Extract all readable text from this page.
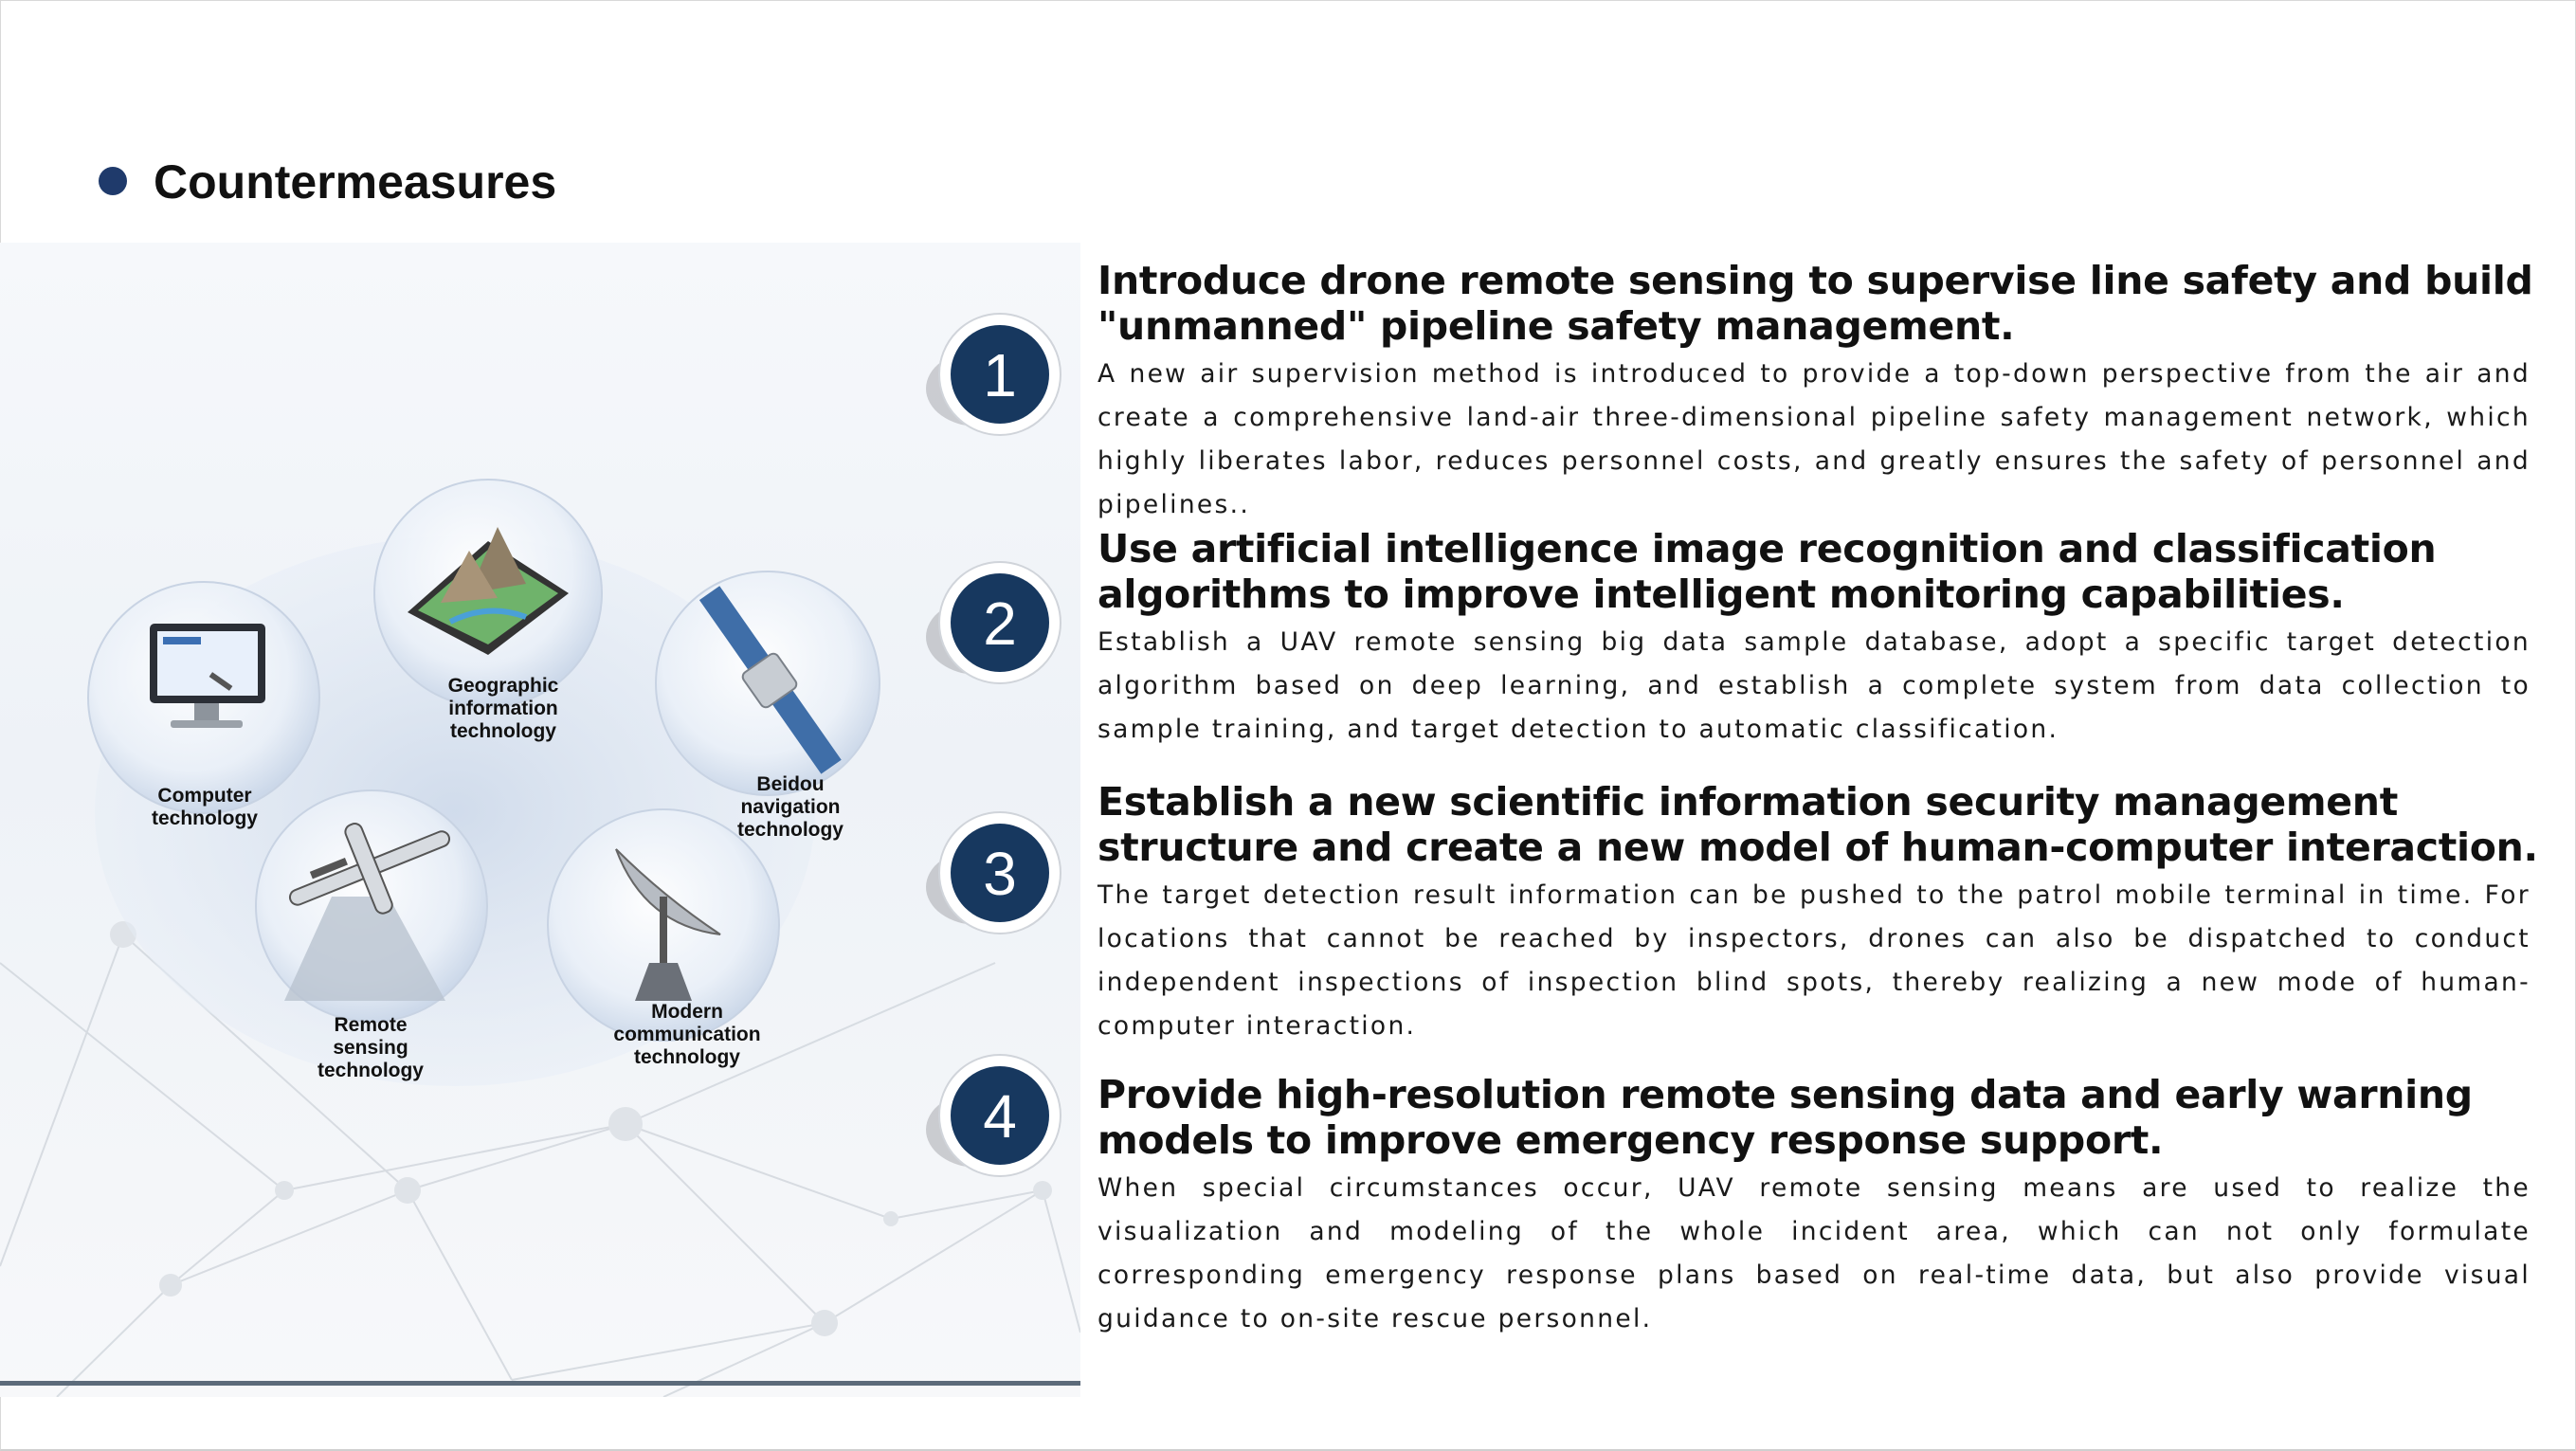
Countermeasures
Geographic
information
technology
Computer
technology
Beidou
navigation
technology
Remote
sensing
technology
Modern
communication
technology
1
2
3
4
Introduce drone remote sensing to supervise line safety and build "unmanned" pipeline safety management.
A new air supervision method is introduced to provide a top-down perspective from the air and create a comprehensive land-air three-dimensional pipeline safety management network, which highly liberates labor, reduces personnel costs, and greatly ensures the safety of personnel and pipelines..
Use artificial intelligence image recognition and classification algorithms to improve intelligent monitoring capabilities.
Establish a UAV remote sensing big data sample database, adopt a specific target detection algorithm based on deep learning, and establish a complete system from data collection to sample training, and target detection to automatic classification.
Establish a new scientific information security management structure and create a new model of human-computer interaction.
The target detection result information can be pushed to the patrol mobile terminal in time. For locations that cannot be reached by inspectors, drones can also be dispatched to conduct independent inspections of inspection blind spots, thereby realizing a new mode of human-computer interaction.
Provide high-resolution remote sensing data and early warning models to improve emergency response support.
When special circumstances occur, UAV remote sensing means are used to realize the visualization and modeling of the whole incident area, which can not only formulate corresponding emergency response plans based on real-time data, but also provide visual guidance to on-site rescue personnel.
